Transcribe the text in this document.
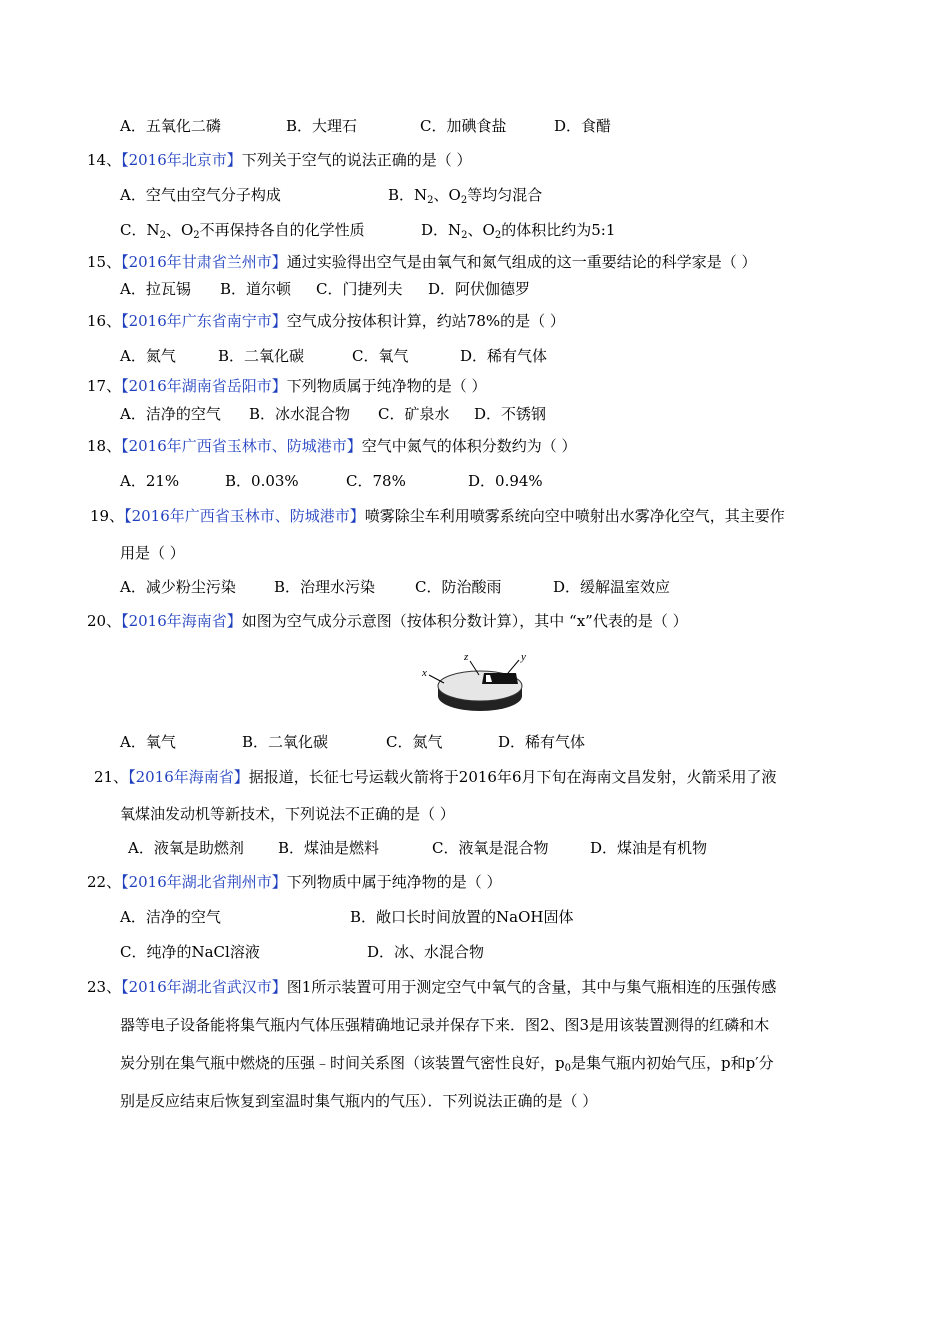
A．五氧化二磷	B．大理石	C．加碘食盐	D．食醋
14、【2016年北京市】下列关于空气的说法正确的是（ ）
A．空气由空气分子构成	B．$N_2$、$O_2$等均匀混合
C．$N_2$、$O_2$不再保持各自的化学性质	D．$N_2$、$O_2$的体积比约为5:1
15、【2016年甘肃省兰州市】通过实验得出空气是由氧气和氮气组成的这一重要结论的科学家是（ ）
A．拉瓦锡 B．道尔顿 C．门捷列夫 D．阿伏伽德罗
16、【2016年广东省南宁市】空气成分按体积计算，约站78%的是（ ）
A．氮气	B．二氧化碳	C．氧气	D．稀有气体
17、【2016年湖南省岳阳市】下列物质属于纯净物的是（ ）
A．洁净的空气 B．冰水混合物 C．矿泉水 D．不锈钢
18、【2016年广西省玉林市、防城港市】空气中氮气的体积分数约为（ ）
A．21%	B．0.03%	C．78%	D．0.94%
19、【2016年广西省玉林市、防城港市】喷雾除尘车利用喷雾系统向空中喷射出水雾净化空气，其主要作
用是（ ）
A．减少粉尘污染	B．治理水污染	C．防治酸雨	D．缓解温室效应
20、【2016年海南省】如图为空气成分示意图（按体积分数计算），其中 “x”代表的是（ ）
x
z	y
A．氧气	B．二氧化碳	C．氮气	D．稀有气体
21、【2016年海南省】据报道，长征七号运载火箭将于2016年6月下旬在海南文昌发射，火箭采用了液
氧煤油发动机等新技术，下列说法不正确的是（ ）
A．液氧是助燃剂 B．煤油是燃料	C．液氧是混合物	D．煤油是有机物
22、【2016年湖北省荆州市】下列物质中属于纯净物的是（ ）
A．洁净的空气	B．敞口长时间放置的NaOH固体
C．纯净的NaCl溶液	D．冰、水混合物
23、【2016年湖北省武汉市】图1所示装置可用于测定空气中氧气的含量，其中与集气瓶相连的压强传感
器等电子设备能将集气瓶内气体压强精确地记录并保存下来．图2、图3是用该装置测得的红磷和木
炭分别在集气瓶中燃烧的压强﹣时间关系图（该装置气密性良好，$p_0$是集气瓶内初始气压，p和p′分
别是反应结束后恢复到室温时集气瓶内的气压）．下列说法正确的是（ ）
